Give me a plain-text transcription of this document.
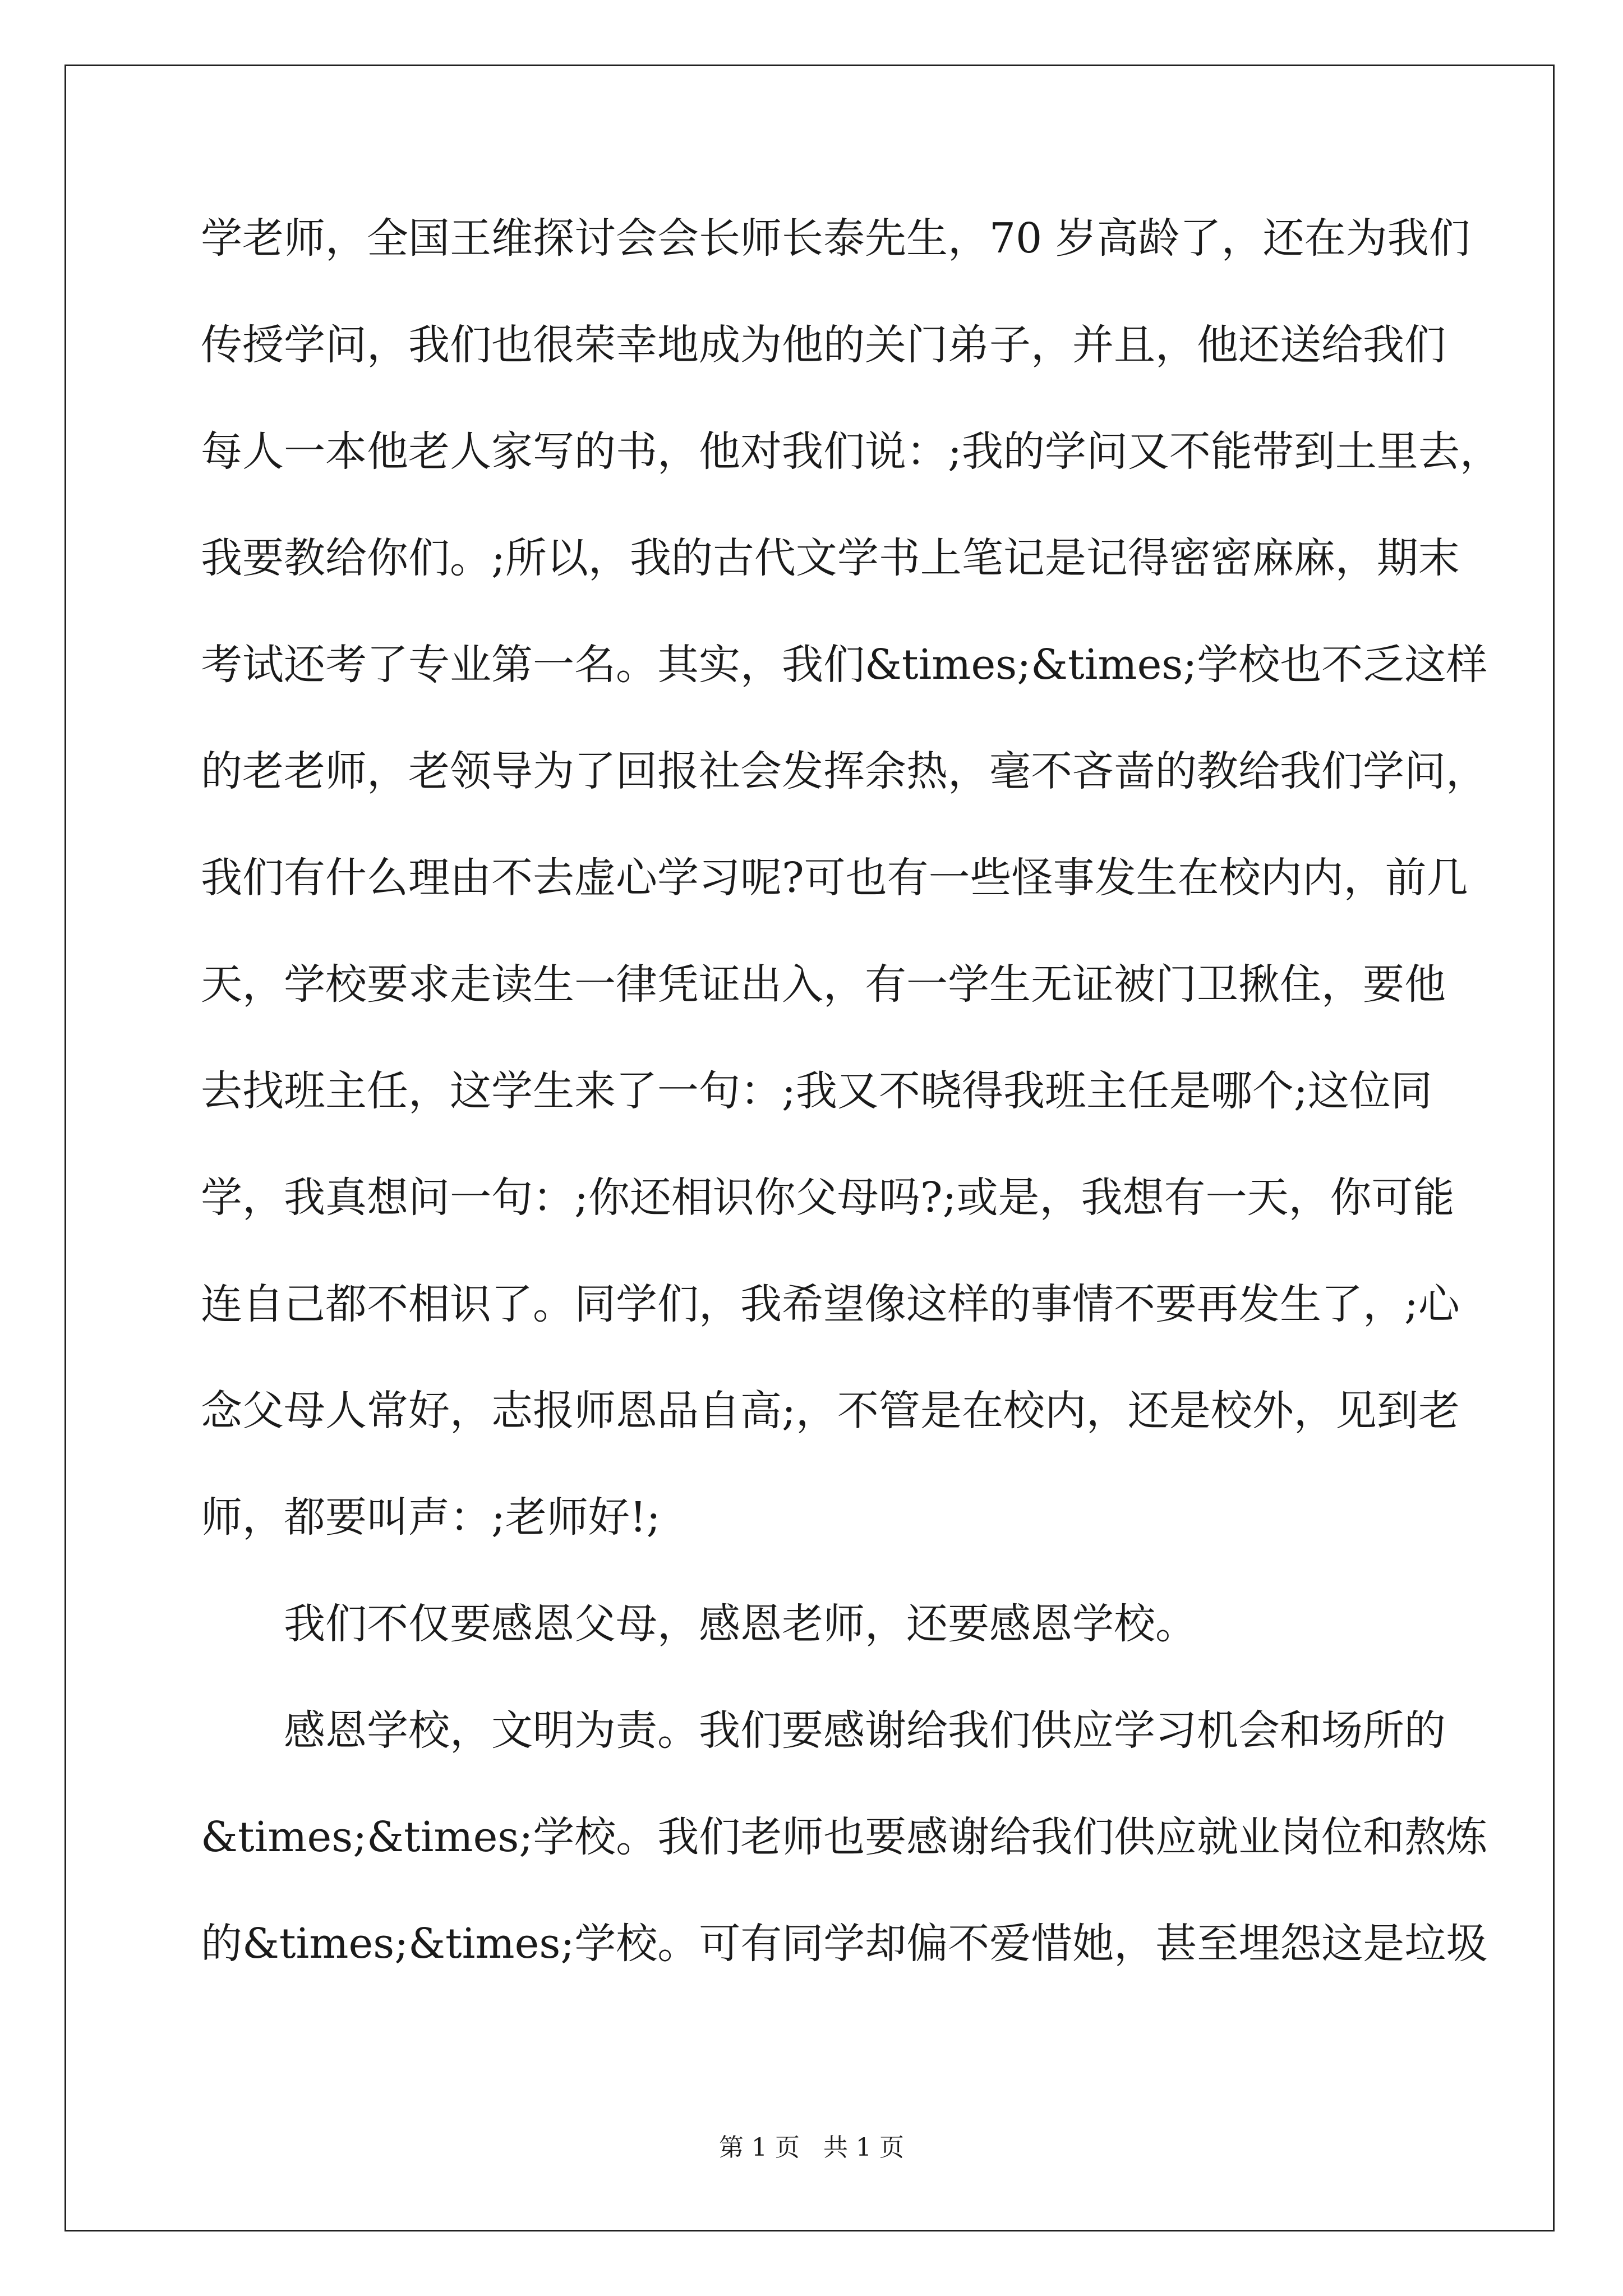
学老师，全国王维探讨会会长师长泰先生，70 岁高龄了，还在为我们
传授学问，我们也很荣幸地成为他的关门弟子，并且，他还送给我们
每人一本他老人家写的书，他对我们说：;我的学问又不能带到土里去，
我要教给你们。;所以，我的古代文学书上笔记是记得密密麻麻，期末
考试还考了专业第一名。其实，我们&times;&times;学校也不乏这样
的老老师，老领导为了回报社会发挥余热，毫不吝啬的教给我们学问，
我们有什么理由不去虚心学习呢?可也有一些怪事发生在校内内，前几
天，学校要求走读生一律凭证出入，有一学生无证被门卫揪住，要他
去找班主任，这学生来了一句：;我又不晓得我班主任是哪个;这位同
学，我真想问一句：;你还相识你父母吗?;或是，我想有一天，你可能
连自己都不相识了。同学们，我希望像这样的事情不要再发生了，;心
念父母人常好，志报师恩品自高;，不管是在校内，还是校外，见到老
师，都要叫声：;老师好!;
我们不仅要感恩父母，感恩老师，还要感恩学校。
感恩学校，文明为责。我们要感谢给我们供应学习机会和场所的
&times;&times;学校。我们老师也要感谢给我们供应就业岗位和熬炼
的&times;&times;学校。可有同学却偏不爱惜她，甚至埋怨这是垃圾
第 1 页   共 1 页
